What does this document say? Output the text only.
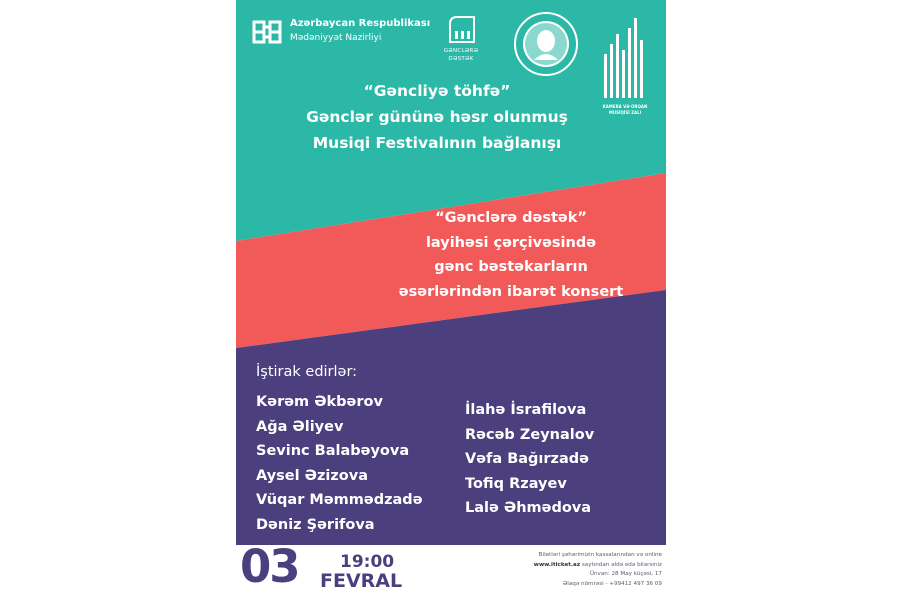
Azərbaycan Respublikası
Mədəniyyət Nazirliyi
GƏNCLƏRƏ
DƏSTƏK
KAMERA VƏ ORQAN
MUSİQİSİ ZALI
“Gəncliyə töhfə”
Gənclər gününə həsr olunmuş
Musiqi Festivalının bağlanışı
“Gənclərə dəstək”
layihəsi çərçivəsində
gənc bəstəkarların
əsərlərindən ibarət konsert
İştirak edirlər:
Kərəm Əkbərov
Ağa Əliyev
Sevinc Balabəyova
Aysel Əzizova
Vüqar Məmmədzadə
Dəniz Şərifova
İlahə İsrafilova
Rəcəb Zeynalov
Vəfa Bağırzadə
Tofiq Rzayev
Lalə Əhmədova
03 19:00
FEVRAL
Biletləri şəhərimizin kassalarından və online
www.iticket.az saytından əldə edə bilərsiniz
Ünvan: 28 May küçəsi, 17
Əlaqə nömrəsi - +99412 497 36 09
